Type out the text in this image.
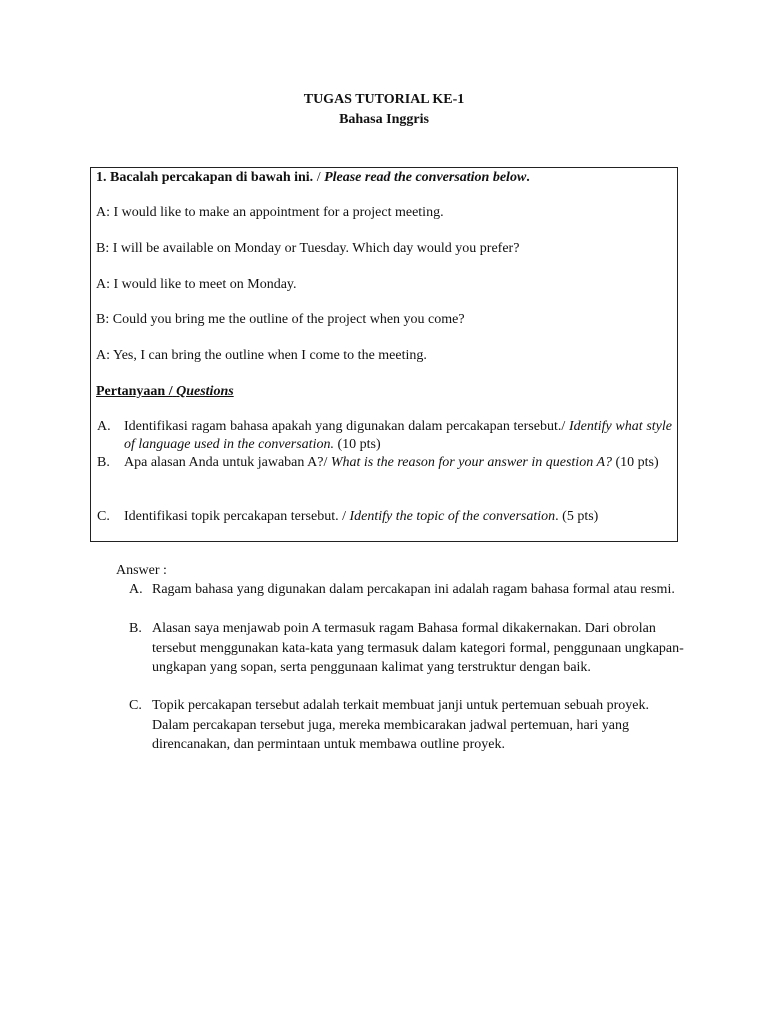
TUGAS TUTORIAL KE-1
Bahasa Inggris
1. Bacalah percakapan di bawah ini. / Please read the conversation below.
A: I would like to make an appointment for a project meeting.
B: I will be available on Monday or Tuesday. Which day would you prefer?
A: I would like to meet on Monday.
B: Could you bring me the outline of the project when you come?
A: Yes, I can bring the outline when I come to the meeting.
Pertanyaan / Questions
A. Identifikasi ragam bahasa apakah yang digunakan dalam percakapan tersebut./ Identify what style of language used in the conversation. (10 pts)
B. Apa alasan Anda untuk jawaban A?/ What is the reason for your answer in question A? (10 pts)
C. Identifikasi topik percakapan tersebut. / Identify the topic of the conversation. (5 pts)
Answer :
A. Ragam bahasa yang digunakan dalam percakapan ini adalah ragam bahasa formal atau resmi.
B. Alasan saya menjawab poin A termasuk ragam Bahasa formal dikakernakan. Dari obrolan tersebut menggunakan kata-kata yang termasuk dalam kategori formal, penggunaan ungkapan-ungkapan yang sopan, serta penggunaan kalimat yang terstruktur dengan baik.
C. Topik percakapan tersebut adalah terkait membuat janji untuk pertemuan sebuah proyek. Dalam percakapan tersebut juga, mereka membicarakan jadwal pertemuan, hari yang direncanakan, dan permintaan untuk membawa outline proyek.
